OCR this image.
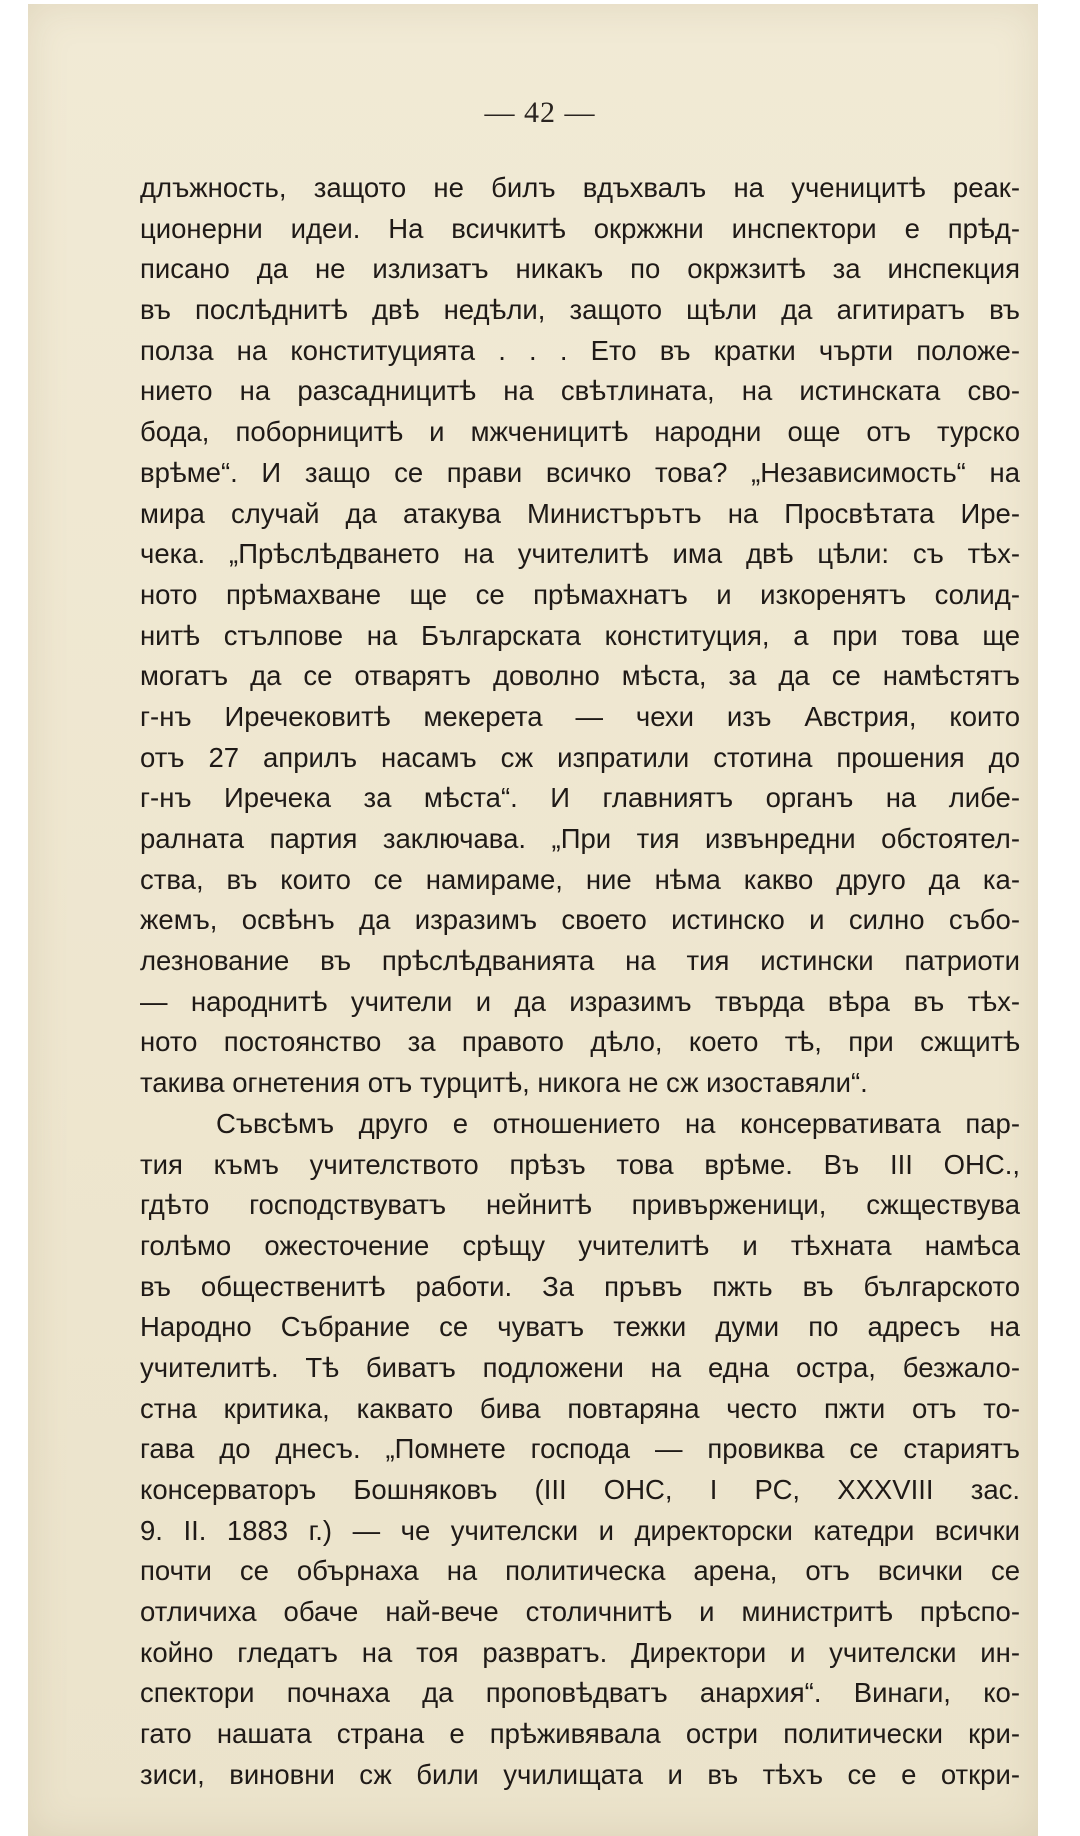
— 42 —
длъжность, защото не билъ вдъхвалъ на ученицитѣ реак-
ционерни идеи. На всичкитѣ окржжни инспектори е прѣд-
писано да не излизатъ никакъ по окржзитѣ за инспекция
въ послѣднитѣ двѣ недѣли, защото щѣли да агитиратъ въ
полза на конституцията . . . Ето въ кратки чърти положе-
нието на разсадницитѣ на свѣтлината, на истинската сво-
бода, поборницитѣ и мжченицитѣ народни още отъ турско
врѣме“. И защо се прави всичко това? „Независимость“ на
мира случай да атакува Министърътъ на Просвѣтата Ире-
чека. „Прѣслѣдването на учителитѣ има двѣ цѣли: съ тѣх-
ното прѣмахване ще се прѣмахнатъ и изкоренятъ солид-
нитѣ стълпове на Българската конституция, а при това ще
могатъ да се отварятъ доволно мѣста, за да се намѣстятъ
г-нъ Иречековитѣ мекерета — чехи изъ Австрия, които
отъ 27 априлъ насамъ сж изпратили стотина прошения до
г-нъ Иречека за мѣста“. И главниятъ органъ на либе-
ралната партия заключава. „При тия извънредни обстоятел-
ства, въ които се намираме, ние нѣма какво друго да ка-
жемъ, освѣнъ да изразимъ своето истинско и силно събо-
лезнование въ прѣслѣдванията на тия истински патриоти
— народнитѣ учители и да изразимъ твърда вѣра въ тѣх-
ното постоянство за правото дѣло, което тѣ, при сжщитѣ
такива огнетения отъ турцитѣ, никога не сж изоставяли“.
Съвсѣмъ друго е отношението на консервативата пар-
тия къмъ учителството прѣзъ това врѣме. Въ III ОНС.,
гдѣто господствуватъ нейнитѣ привърженици, сжществува
голѣмо ожесточение срѣщу учителитѣ и тѣхната намѣса
въ общественитѣ работи. За пръвъ пжть въ българското
Народно Събрание се чуватъ тежки думи по адресъ на
учителитѣ. Тѣ биватъ подложени на една остра, безжало-
стна критика, каквато бива повтаряна често пжти отъ то-
гава до днесъ. „Помнете господа — провиква се стариятъ
консерваторъ Бошняковъ (III ОНС, I РС, XXXVIII зас.
9. II. 1883 г.) — че учителски и директорски катедри всички
почти се обърнаха на политическа арена, отъ всички се
отличиха обаче най-вече столичнитѣ и министритѣ прѣспо-
койно гледатъ на тоя развратъ. Директори и учителски ин-
спектори почнаха да проповѣдватъ анархия“. Винаги, ко-
гато нашата страна е прѣживявала остри политически кри-
зиси, виновни сж били училищата и въ тѣхъ се е откри-
